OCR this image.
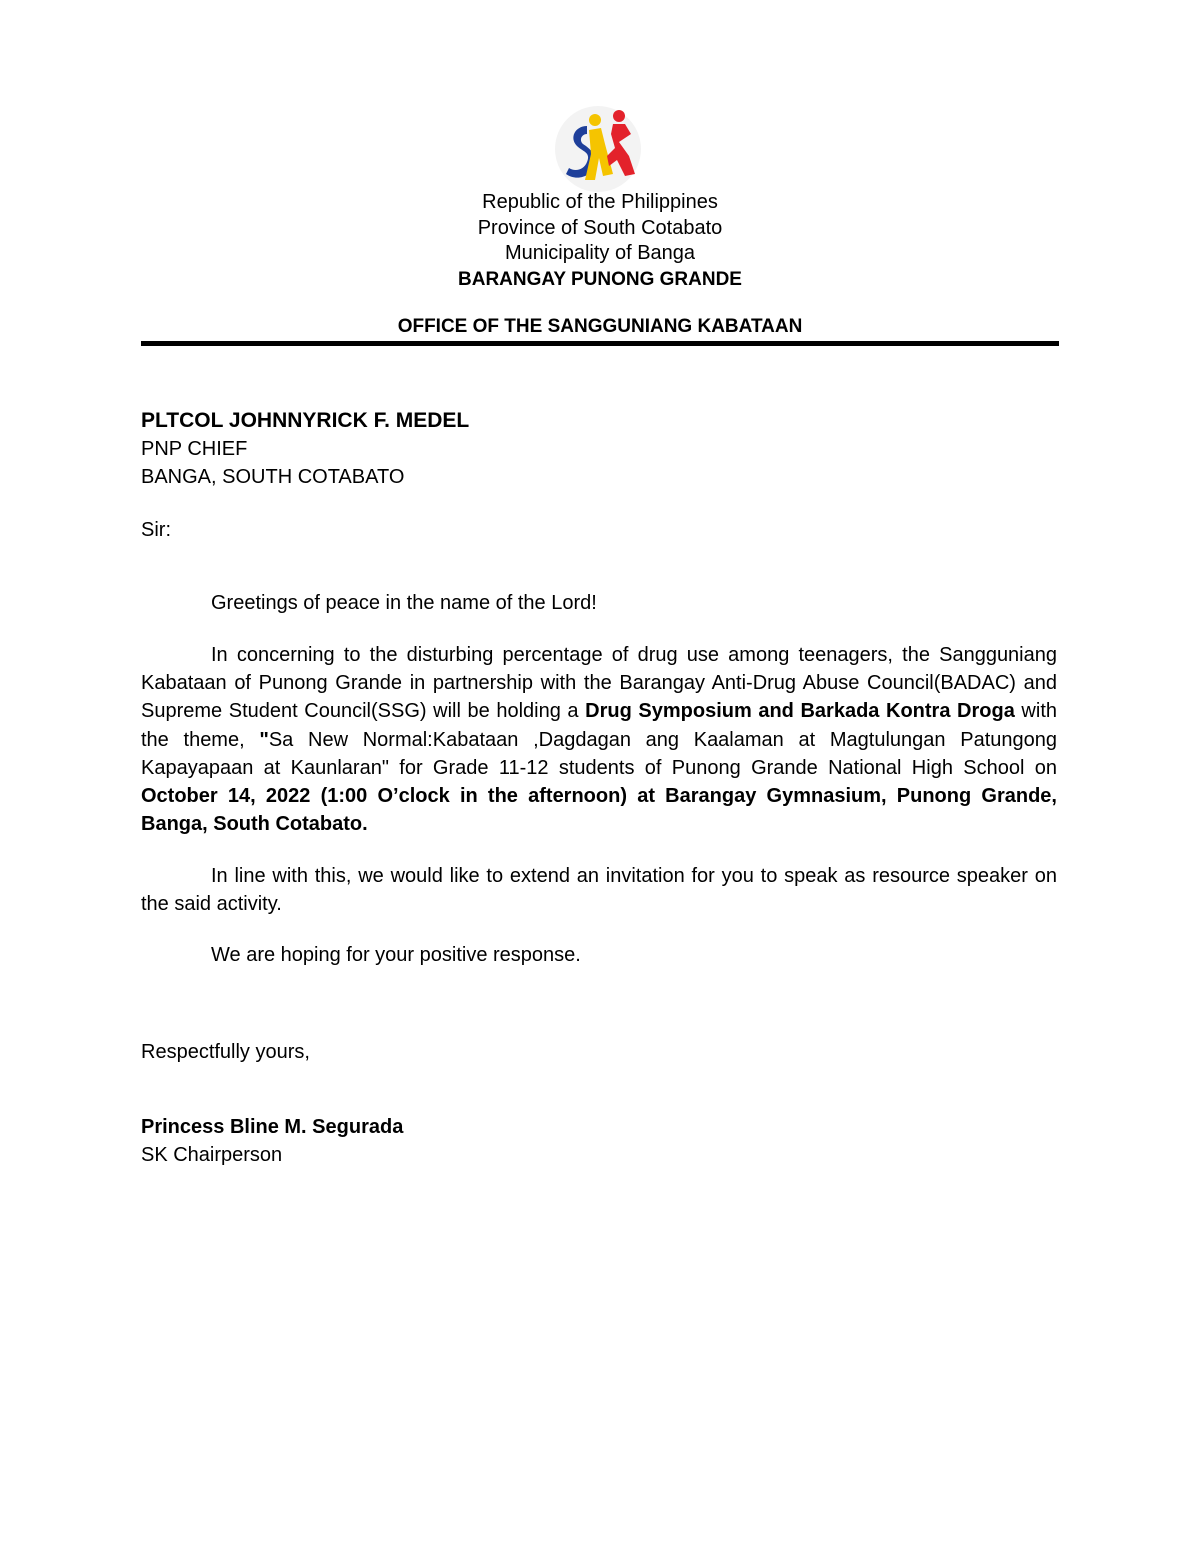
Republic of the Philippines
Province of South Cotabato
Municipality of Banga
BARANGAY PUNONG GRANDE
OFFICE OF THE SANGGUNIANG KABATAAN
PLTCOL JOHNNYRICK F. MEDEL
PNP CHIEF
BANGA, SOUTH COTABATO
Sir:
Greetings of peace in the name of the Lord!
In concerning to the disturbing percentage of drug use among teenagers, the Sangguniang Kabataan of Punong Grande in partnership with the Barangay Anti-Drug Abuse Council(BADAC) and Supreme Student Council(SSG) will be holding a Drug Symposium and Barkada Kontra Droga with the theme, "Sa New Normal:Kabataan ,Dagdagan ang Kaalaman at Magtulungan Patungong Kapayapaan at Kaunlaran" for Grade 11-12 students of Punong Grande National High School on October 14, 2022 (1:00 O’clock in the afternoon) at Barangay Gymnasium, Punong Grande, Banga, South Cotabato.
In line with this, we would like to extend an invitation for you to speak as resource speaker on the said activity.
We are hoping for your positive response.
Respectfully yours,
Princess Bline M. Segurada
SK Chairperson
